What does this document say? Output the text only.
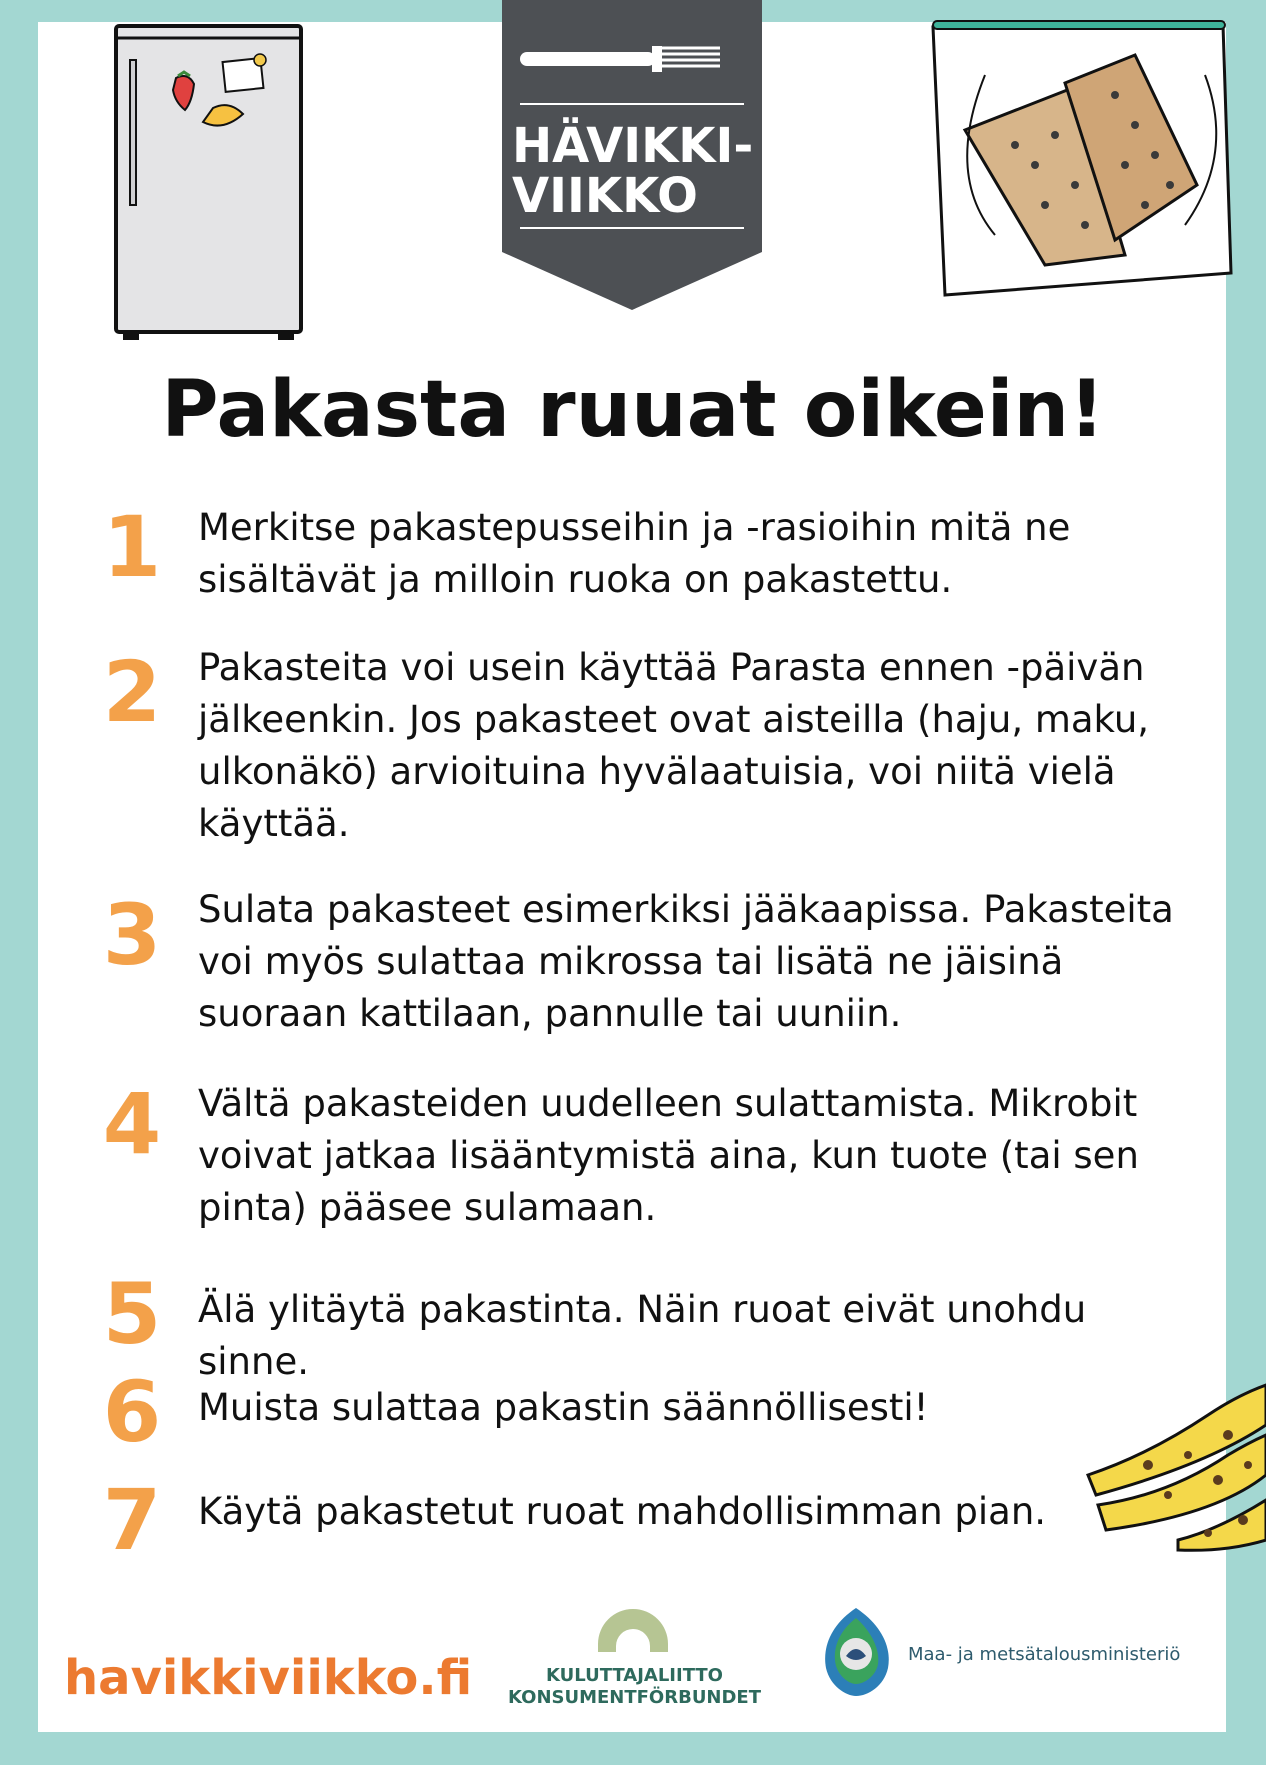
HÄVIKKI-
VIIKKO
Pakasta ruuat oikein!
1 Merkitse pakastepusseihin ja -rasioihin mitä ne sisältävät ja milloin ruoka on pakastettu.
2 Pakasteita voi usein käyttää Parasta ennen -päivän jälkeenkin. Jos pakasteet ovat aisteilla (haju, maku, ulkonäkö) arvioituina hyvälaatuisia, voi niitä vielä käyttää.
3 Sulata pakasteet esimerkiksi jääkaapissa. Pakasteita voi myös sulattaa mikrossa tai lisätä ne jäisinä suoraan kattilaan, pannulle tai uuniin.
4 Vältä pakasteiden uudelleen sulattamista. Mikrobit voivat jatkaa lisääntymistä aina, kun tuote (tai sen pinta) pääsee sulamaan.
5 Älä ylitäytä pakastinta. Näin ruoat eivät unohdu sinne.
6 Muista sulattaa pakastin säännöllisesti!
7 Käytä pakastetut ruoat mahdollisimman pian.
havikkiviikko.fi	KULUTTAJALIITTO
KONSUMENTFÖRBUNDET
Maa- ja metsätalousministeriö
